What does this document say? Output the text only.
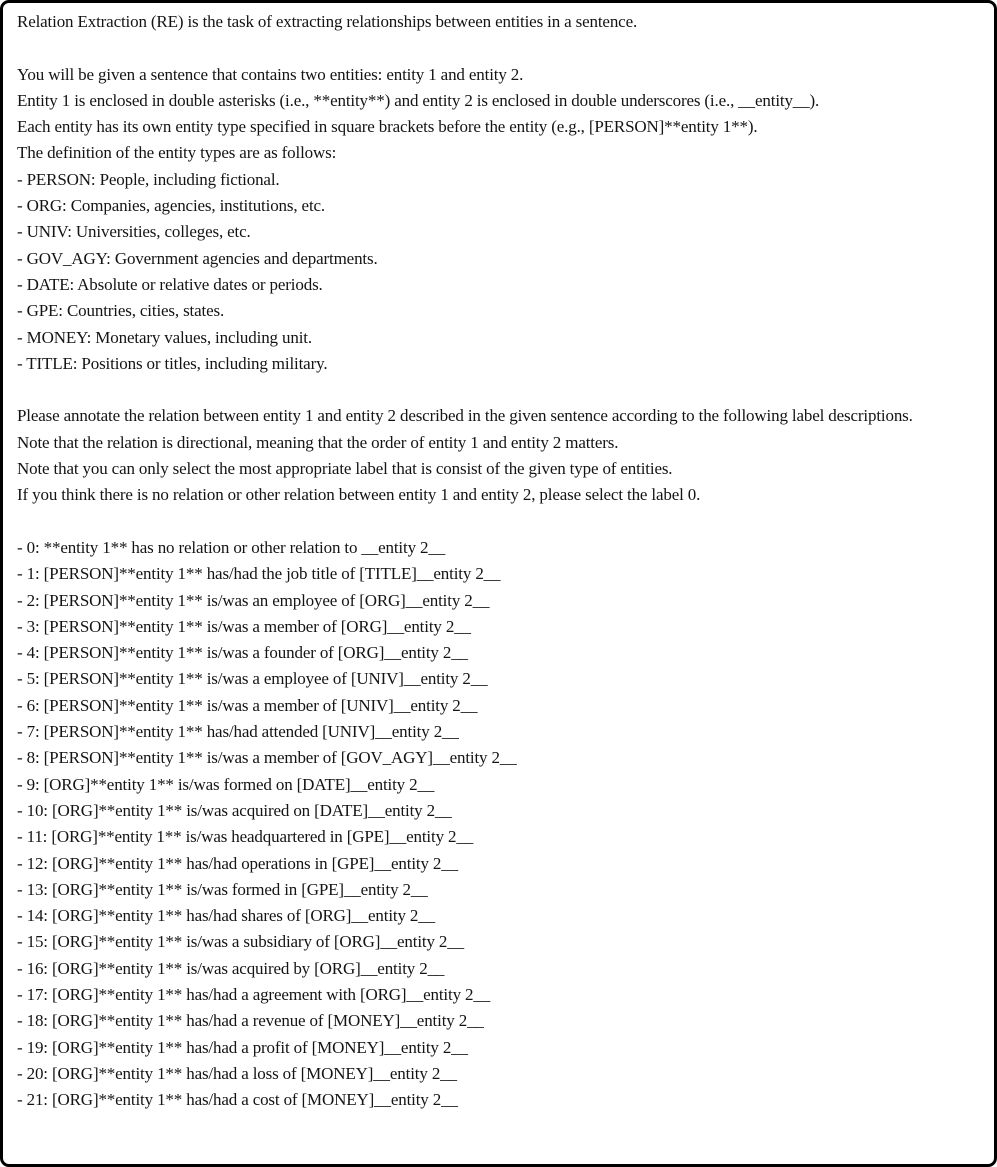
Relation Extraction (RE) is the task of extracting relationships between entities in a sentence.
You will be given a sentence that contains two entities: entity 1 and entity 2.
Entity 1 is enclosed in double asterisks (i.e., **entity**) and entity 2 is enclosed in double underscores (i.e., __entity__).
Each entity has its own entity type specified in square brackets before the entity (e.g., [PERSON]**entity 1**).
The definition of the entity types are as follows:
- PERSON: People, including fictional.
- ORG: Companies, agencies, institutions, etc.
- UNIV: Universities, colleges, etc.
- GOV_AGY: Government agencies and departments.
- DATE: Absolute or relative dates or periods.
- GPE: Countries, cities, states.
- MONEY: Monetary values, including unit.
- TITLE: Positions or titles, including military.
Please annotate the relation between entity 1 and entity 2 described in the given sentence according to the following label descriptions.
Note that the relation is directional, meaning that the order of entity 1 and entity 2 matters.
Note that you can only select the most appropriate label that is consist of the given type of entities.
If you think there is no relation or other relation between entity 1 and entity 2, please select the label 0.
- 0: **entity 1** has no relation or other relation to __entity 2__
- 1: [PERSON]**entity 1** has/had the job title of [TITLE]__entity 2__
- 2: [PERSON]**entity 1** is/was an employee of [ORG]__entity 2__
- 3: [PERSON]**entity 1** is/was a member of [ORG]__entity 2__
- 4: [PERSON]**entity 1** is/was a founder of [ORG]__entity 2__
- 5: [PERSON]**entity 1** is/was a employee of [UNIV]__entity 2__
- 6: [PERSON]**entity 1** is/was a member of [UNIV]__entity 2__
- 7: [PERSON]**entity 1** has/had attended [UNIV]__entity 2__
- 8: [PERSON]**entity 1** is/was a member of [GOV_AGY]__entity 2__
- 9: [ORG]**entity 1** is/was formed on [DATE]__entity 2__
- 10: [ORG]**entity 1** is/was acquired on [DATE]__entity 2__
- 11: [ORG]**entity 1** is/was headquartered in [GPE]__entity 2__
- 12: [ORG]**entity 1** has/had operations in [GPE]__entity 2__
- 13: [ORG]**entity 1** is/was formed in [GPE]__entity 2__
- 14: [ORG]**entity 1** has/had shares of [ORG]__entity 2__
- 15: [ORG]**entity 1** is/was a subsidiary of [ORG]__entity 2__
- 16: [ORG]**entity 1** is/was acquired by [ORG]__entity 2__
- 17: [ORG]**entity 1** has/had a agreement with [ORG]__entity 2__
- 18: [ORG]**entity 1** has/had a revenue of [MONEY]__entity 2__
- 19: [ORG]**entity 1** has/had a profit of [MONEY]__entity 2__
- 20: [ORG]**entity 1** has/had a loss of [MONEY]__entity 2__
- 21: [ORG]**entity 1** has/had a cost of [MONEY]__entity 2__
